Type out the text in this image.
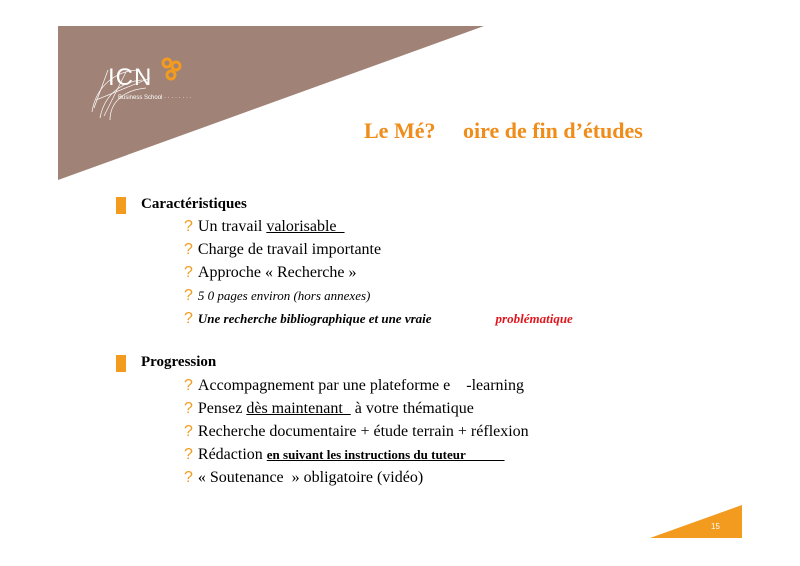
ICN
Business School · · · · · · · ·
Le Mé?     oire de fin d’études
Caractéristiques
? Un travail valorisable
? Charge de travail importante
? Approche « Recherche »
? 5 0 pages environ (hors annexes)
? Une recherche bibliographique et une vraie	problématique
Progression
? Accompagnement par une plateforme e    -learning
? Pensez dès maintenant   à votre thématique
? Recherche documentaire + étude terrain + réflexion
? Rédaction en suivant les instructions du tuteur
? « Soutenance  » obligatoire (vidéo)
15
